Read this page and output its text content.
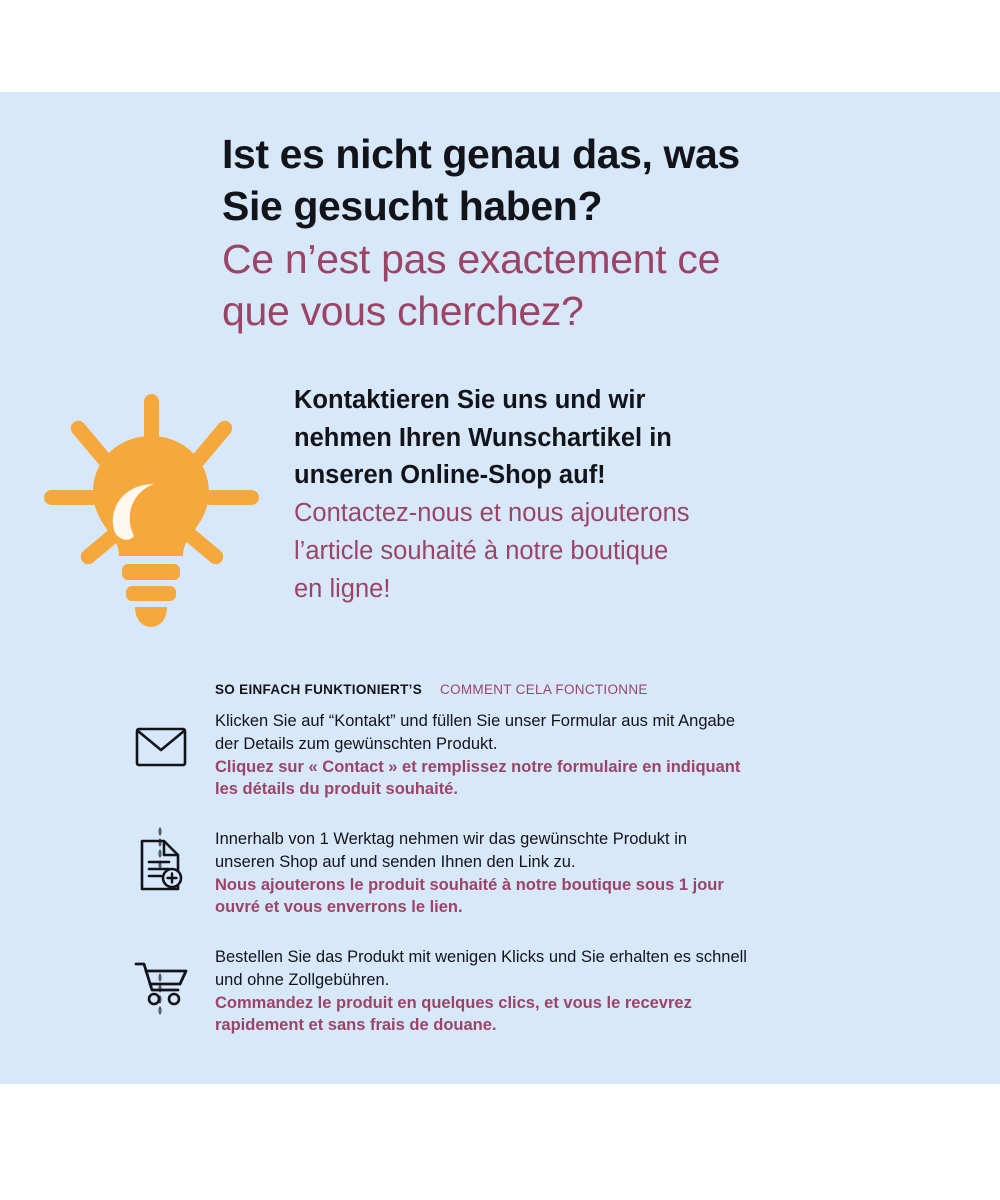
Ist es nicht genau das, was
Sie gesucht haben?

Ce n’est pas exactement ce
que vous cherchez?

Kontaktieren Sie uns und wir
nehmen Ihren Wunschartikel in
unseren Online-Shop auf!

Contactez-nous et nous ajouterons
l’article souhaité à notre boutique
en ligne!

SO EINFACH FUNKTIONIERT’S COMMENT CELA FONCTIONNE

Klicken Sie auf “Kontakt” und füllen Sie unser Formular aus mit Angabe
der Details zum gewünschten Produkt.

Cliquez sur « Contact » et remplissez notre formulaire en indiquant
les détails du produit souhaité.

Innerhalb von 1 Werktag nehmen wir das gewünschte Produkt in
unseren Shop auf und senden Ihnen den Link zu.

Nous ajouterons le produit souhaité à notre boutique sous 1 jour
ouvré et vous enverrons le lien.

Bestellen Sie das Produkt mit wenigen Klicks und Sie erhalten es schnell
und ohne Zollgebühren.

Commandez le produit en quelques clics, et vous le recevrez
rapidement et sans frais de douane.
